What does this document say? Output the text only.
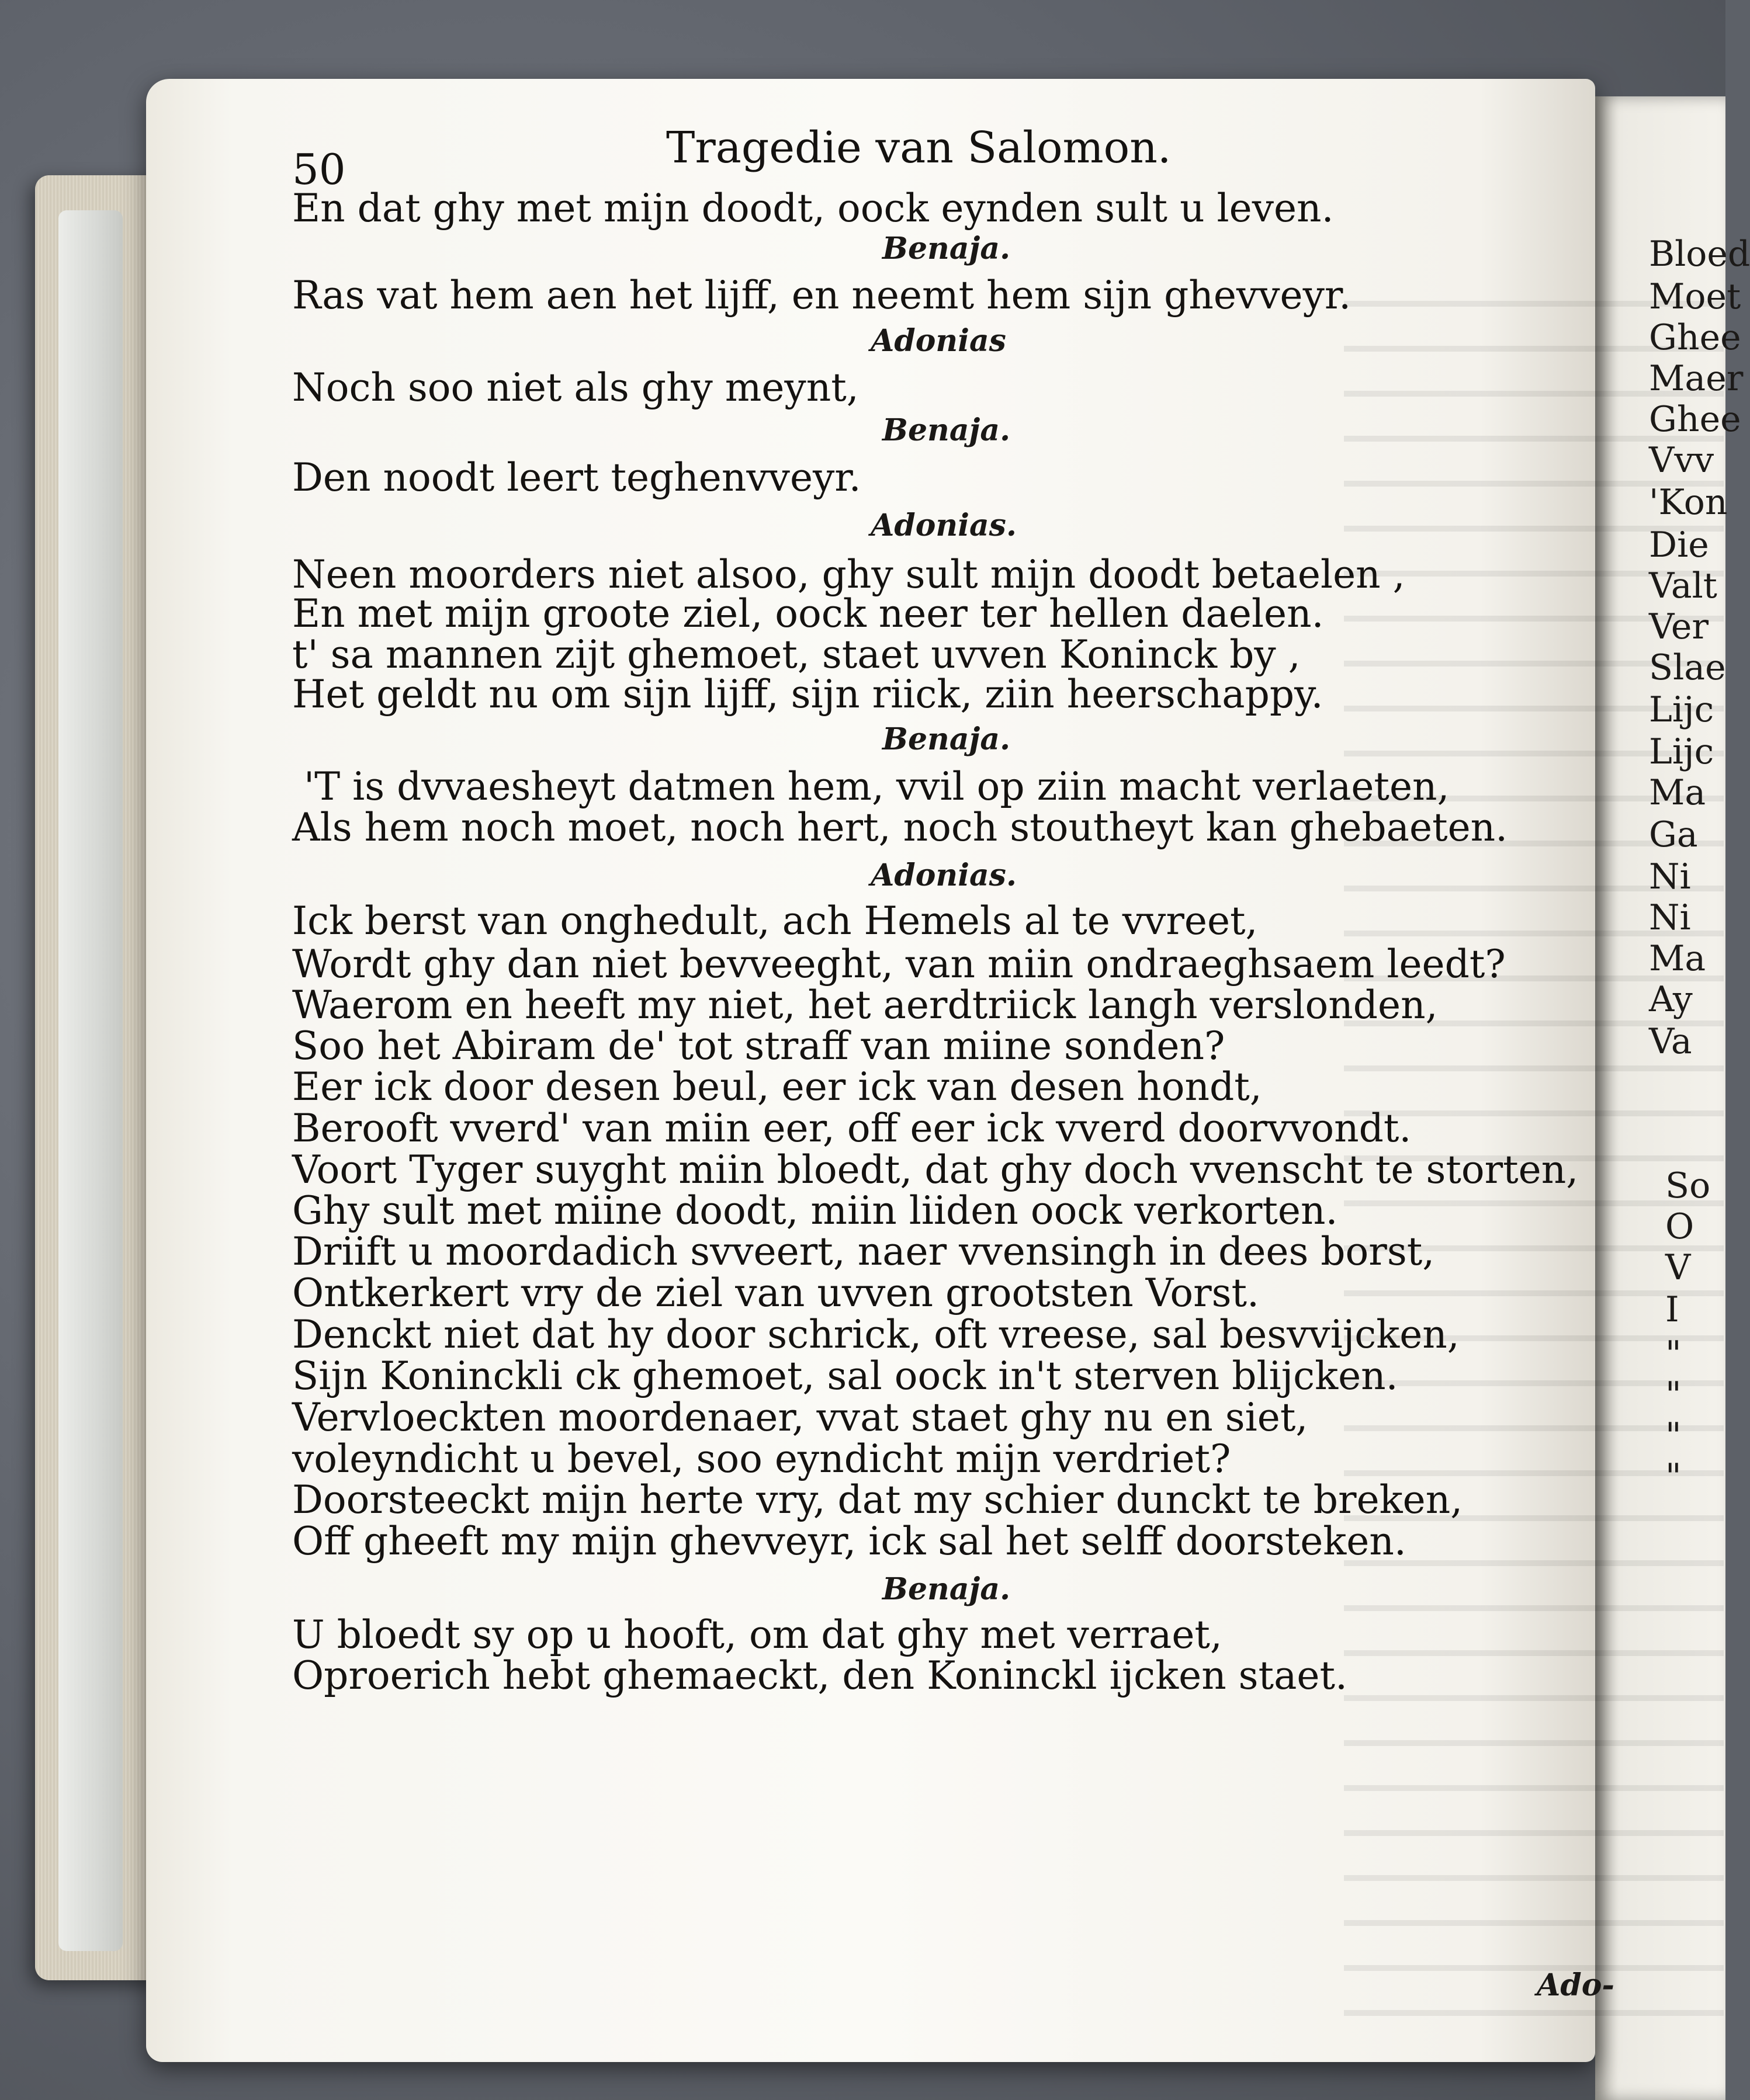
Bloed
Moet
Ghee
Maer
Ghee
Vvv
'Kon
Die
Valt
Ver
Slae
Lijc
Lijc
Ma
Ga
Ni
Ni
Ma
Ay
Va
So
O
V
I
"
"
"
"
50	Tragedie van Salomon.
En dat ghy met mijn doodt, oock eynden sult u leven.
Benaja.
Ras vat hem aen het lijff, en neemt hem sijn ghevveyr.
Adonias
Noch soo niet als ghy meynt,
Benaja.
Den noodt leert teghenvveyr.
Adonias.
Neen moorders niet alsoo, ghy sult mijn doodt betaelen ,
En met mijn groote ziel, oock neer ter hellen daelen.
t' sa mannen zijt ghemoet, staet uvven Koninck by ,
Het geldt nu om sijn lijff, sijn riick, ziin heerschappy.
Benaja.
'T is dvvaesheyt datmen hem, vvil op ziin macht verlaeten,
Als hem noch moet, noch hert, noch stoutheyt kan ghebaeten.
Adonias.
Ick berst van onghedult, ach Hemels al te vvreet,
Wordt ghy dan niet bevveeght, van miin ondraeghsaem leedt?
Waerom en heeft my niet, het aerdtriick langh verslonden,
Soo het Abiram de' tot straff van miine sonden?
Eer ick door desen beul, eer ick van desen hondt,
Berooft vverd' van miin eer, off eer ick vverd doorvvondt.
Voort Tyger suyght miin bloedt, dat ghy doch vvenscht te storten,
Ghy sult met miine doodt, miin liiden oock verkorten.
Driift u moordadich svveert, naer vvensingh in dees borst,
Ontkerkert vry de ziel van uvven grootsten Vorst.
Denckt niet dat hy door schrick, oft vreese, sal besvvijcken,
Sijn Koninckli ck ghemoet, sal oock in't sterven blijcken.
Vervloeckten moordenaer, vvat staet ghy nu en siet,
voleyndicht u bevel, soo eyndicht mijn verdriet?
Doorsteeckt mijn herte vry, dat my schier dunckt te breken,
Off gheeft my mijn ghevveyr, ick sal het selff doorsteken.
Benaja.
U bloedt sy op u hooft, om dat ghy met verraet,
Oproerich hebt ghemaeckt, den Koninckl ijcken staet.
Ado-
